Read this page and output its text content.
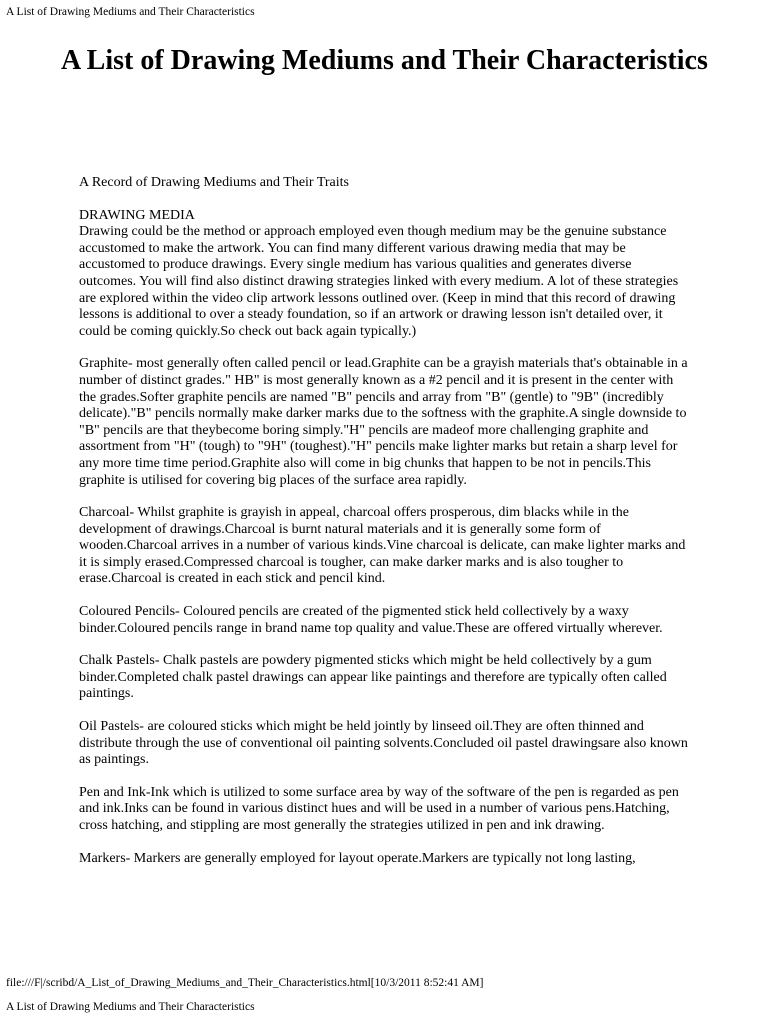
A List of Drawing Mediums and Their Characteristics
A List of Drawing Mediums and Their Characteristics

A Record of Drawing Mediums and Their Traits

DRAWING MEDIA

Drawing could be the method or approach employed even though medium may be the genuine substance accustomed to make the artwork. You can find many different various drawing media that may be accustomed to produce drawings. Every single medium has various qualities and generates diverse outcomes. You will find also distinct drawing strategies linked with every medium. A lot of these strategies are explored within the video clip artwork lessons outlined over. (Keep in mind that this record of drawing lessons is additional to over a steady foundation, so if an artwork or drawing lesson isn't detailed over, it could be coming quickly.So check out back again typically.)

Graphite- most generally often called pencil or lead.Graphite can be a grayish materials that's obtainable in a number of distinct grades." HB" is most generally known as a #2 pencil and it is present in the center with the grades.Softer graphite pencils are named "B" pencils and array from "B" (gentle) to "9B" (incredibly delicate)."B" pencils normally make darker marks due to the softness with the graphite.A single downside to "B" pencils are that theybecome boring simply."H" pencils are madeof more challenging graphite and assortment from "H" (tough) to "9H" (toughest)."H" pencils make lighter marks but retain a sharp level for any more time time period.Graphite also will come in big chunks that happen to be not in pencils.This graphite is utilised for covering big places of the surface area rapidly.

Charcoal- Whilst graphite is grayish in appeal, charcoal offers prosperous, dim blacks while in the development of drawings.Charcoal is burnt natural materials and it is generally some form of wooden.Charcoal arrives in a number of various kinds.Vine charcoal is delicate, can make lighter marks and it is simply erased.Compressed charcoal is tougher, can make darker marks and is also tougher to erase.Charcoal is created in each stick and pencil kind.

Coloured Pencils- Coloured pencils are created of the pigmented stick held collectively by a waxy binder.Coloured pencils range in brand name top quality and value.These are offered virtually wherever.

Chalk Pastels- Chalk pastels are powdery pigmented sticks which might be held collectively by a gum binder.Completed chalk pastel drawings can appear like paintings and therefore are typically often called paintings.

Oil Pastels- are coloured sticks which might be held jointly by linseed oil.They are often thinned and distribute through the use of conventional oil painting solvents.Concluded oil pastel drawingsare also known as paintings.

Pen and Ink-Ink which is utilized to some surface area by way of the software of the pen is regarded as pen and ink.Inks can be found in various distinct hues and will be used in a number of various pens.Hatching, cross hatching, and stippling are most generally the strategies utilized in pen and ink drawing.

Markers- Markers are generally employed for layout operate.Markers are typically not long lasting,

file:///F|/scribd/A_List_of_Drawing_Mediums_and_Their_Characteristics.html[10/3/2011 8:52:41 AM]
A List of Drawing Mediums and Their Characteristics
